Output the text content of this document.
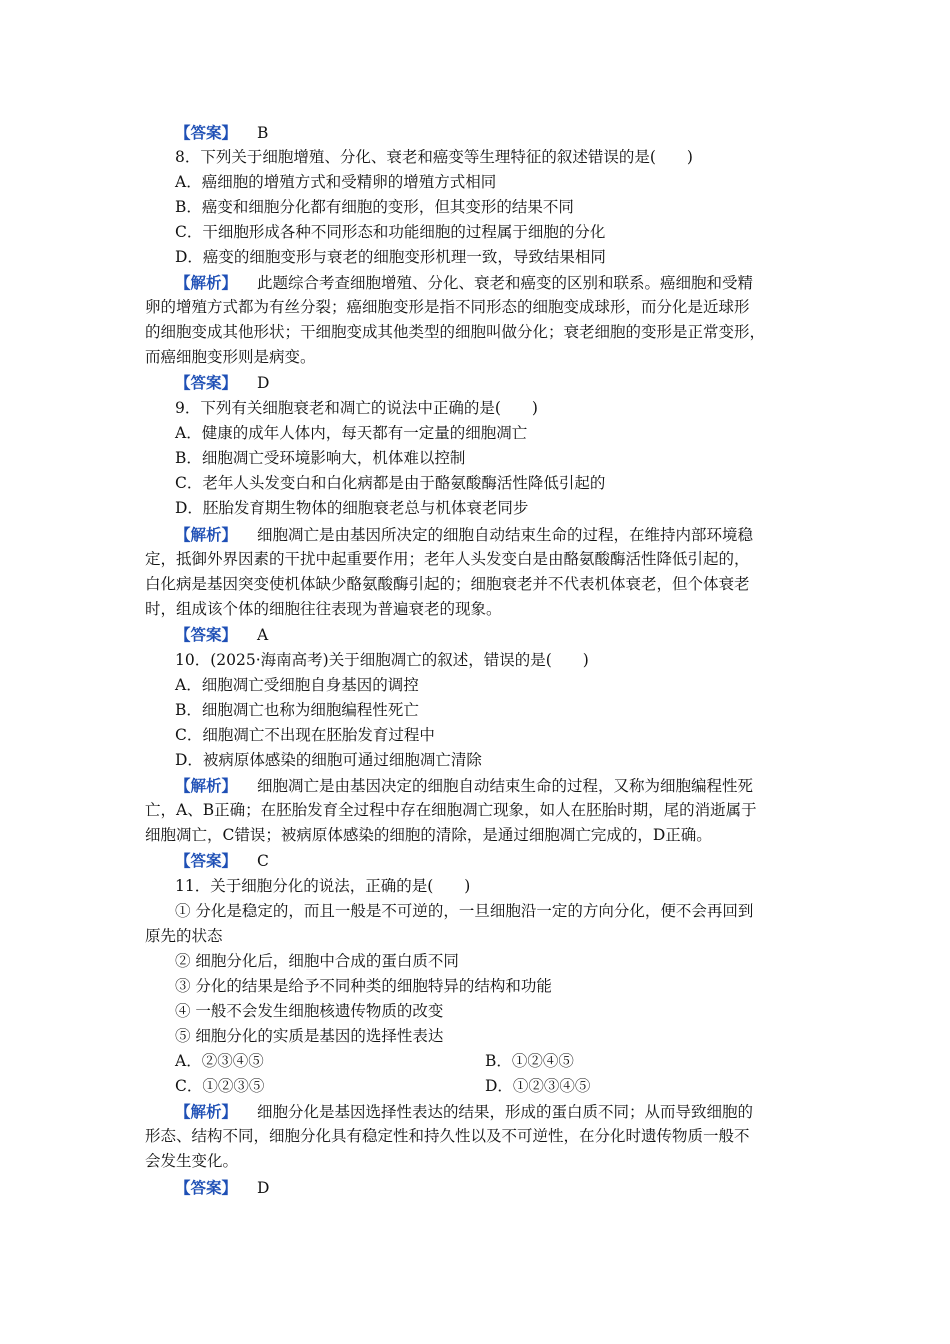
【答案】 B
8．下列关于细胞增殖、分化、衰老和癌变等生理特征的叙述错误的是(　　)
A．癌细胞的增殖方式和受精卵的增殖方式相同
B．癌变和细胞分化都有细胞的变形，但其变形的结果不同
C．干细胞形成各种不同形态和功能细胞的过程属于细胞的分化
D．癌变的细胞变形与衰老的细胞变形机理一致，导致结果相同
【解析】 此题综合考查细胞增殖、分化、衰老和癌变的区别和联系。癌细胞和受精
卵的增殖方式都为有丝分裂；癌细胞变形是指不同形态的细胞变成球形，而分化是近球形
的细胞变成其他形状；干细胞变成其他类型的细胞叫做分化；衰老细胞的变形是正常变形，
而癌细胞变形则是病变。
【答案】 D
9．下列有关细胞衰老和凋亡的说法中正确的是(　　)
A．健康的成年人体内，每天都有一定量的细胞凋亡
B．细胞凋亡受环境影响大，机体难以控制
C．老年人头发变白和白化病都是由于酪氨酸酶活性降低引起的
D．胚胎发育期生物体的细胞衰老总与机体衰老同步
【解析】 细胞凋亡是由基因所决定的细胞自动结束生命的过程，在维持内部环境稳
定，抵御外界因素的干扰中起重要作用；老年人头发变白是由酪氨酸酶活性降低引起的，
白化病是基因突变使机体缺少酪氨酸酶引起的；细胞衰老并不代表机体衰老，但个体衰老
时，组成该个体的细胞往往表现为普遍衰老的现象。
【答案】 A
10．(2025·海南高考)关于细胞凋亡的叙述，错误的是(　　)
A．细胞凋亡受细胞自身基因的调控
B．细胞凋亡也称为细胞编程性死亡
C．细胞凋亡不出现在胚胎发育过程中
D．被病原体感染的细胞可通过细胞凋亡清除
【解析】 细胞凋亡是由基因决定的细胞自动结束生命的过程，又称为细胞编程性死
亡，A、B正确；在胚胎发育全过程中存在细胞凋亡现象，如人在胚胎时期，尾的消逝属于
细胞凋亡，C错误；被病原体感染的细胞的清除，是通过细胞凋亡完成的，D正确。
【答案】 C
11．关于细胞分化的说法，正确的是(　　)
① 分化是稳定的，而且一般是不可逆的，一旦细胞沿一定的方向分化，便不会再回到
原先的状态
② 细胞分化后，细胞中合成的蛋白质不同
③ 分化的结果是给予不同种类的细胞特异的结构和功能
④ 一般不会发生细胞核遗传物质的改变
⑤ 细胞分化的实质是基因的选择性表达
A．②③④⑤	B．①②④⑤
C．①②③⑤	D．①②③④⑤
【解析】 细胞分化是基因选择性表达的结果，形成的蛋白质不同；从而导致细胞的
形态、结构不同，细胞分化具有稳定性和持久性以及不可逆性，在分化时遗传物质一般不
会发生变化。
【答案】 D
